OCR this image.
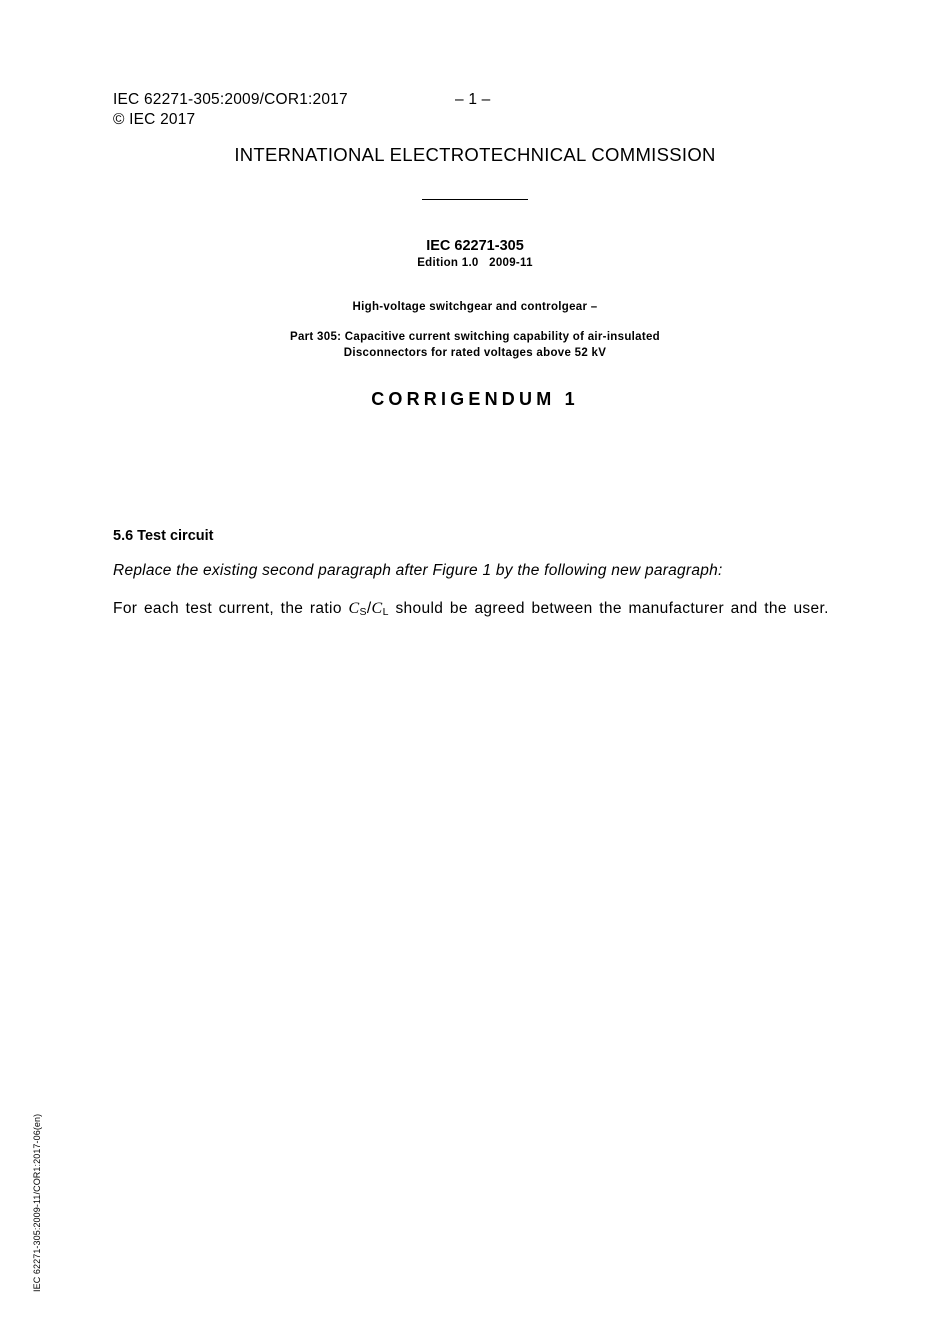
IEC 62271-305:2009/COR1:2017	– 1 –
© IEC 2017
INTERNATIONAL ELECTROTECHNICAL COMMISSION
IEC 62271-305
Edition 1.0   2009-11
High-voltage switchgear and controlgear –
Part 305: Capacitive current switching capability of air-insulated
Disconnectors for rated voltages above 52 kV
CORRIGENDUM 1
5.6 Test circuit
Replace the existing second paragraph after Figure 1 by the following new paragraph:
For each test current, the ratio CS/CL should be agreed between the manufacturer and the user.
IEC 62271-305:2009-11/COR1:2017-06(en)
